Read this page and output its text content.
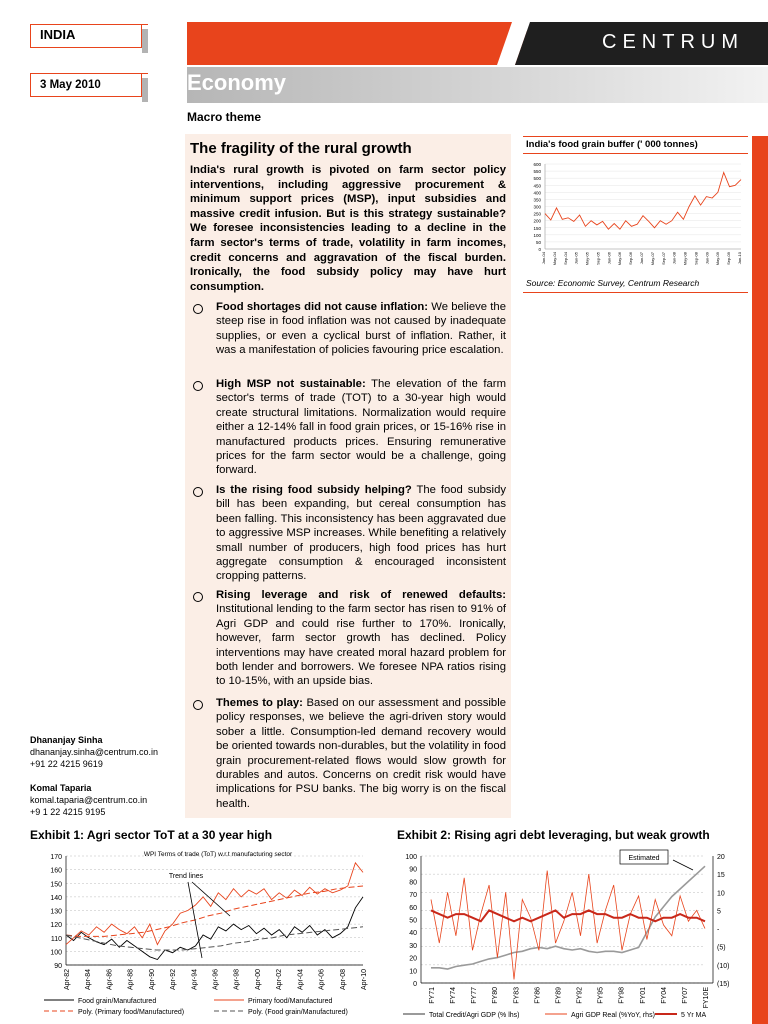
INDIA
3 May 2010
CENTRUM
Economy
Macro theme
The fragility of the rural growth
India's rural growth is pivoted on farm sector policy interventions, including aggressive procurement & minimum support prices (MSP), input subsidies and massive credit infusion. But is this strategy sustainable? We foresee inconsistencies leading to a decline in the farm sector's terms of trade, volatility in farm incomes, credit concerns and aggravation of the fiscal burden. Ironically, the food subsidy policy may have hurt consumption.
Food shortages did not cause inflation: We believe the steep rise in food inflation was not caused by inadequate supplies, or even a cyclical burst of inflation. Rather, it was a manifestation of policies favouring price escalation.
High MSP not sustainable: The elevation of the farm sector's terms of trade (TOT) to a 30-year high would create structural limitations. Normalization would require either a 12-14% fall in food grain prices, or 15-16% rise in manufactured products prices. Ensuring remunerative prices for the farm sector would be a challenge, going forward.
Is the rising food subsidy helping? The food subsidy bill has been expanding, but cereal consumption has been falling. This inconsistency has been aggravated due to aggressive MSP increases. While benefiting a relatively small number of producers, high food prices has hurt aggregate consumption & encouraged inconsistent cropping patterns.
Rising leverage and risk of renewed defaults: Institutional lending to the farm sector has risen to 91% of Agri GDP and could rise further to 170%. Ironically, however, farm sector growth has declined. Policy interventions may have created moral hazard problem for both lender and borrowers. We foresee NPA ratios rising to 10-15%, with an upside bias.
Themes to play: Based on our assessment and possible policy responses, we believe the agri-driven story would sober a little. Consumption-led demand recovery would be oriented towards non-durables, but the volatility in food grain procurement-related flows would slow growth for durables and autos. Concerns on credit risk would have implications for PSU banks. The big worry is on the fiscal health.
India's food grain buffer (' 000 tonnes)
600
550
500
450
400
350
300
250
200
150
100
50
0
Jan-04 May-04 Sep-04 Jan-05 May-05 Sep-05 Jan-06 May-06 Sep-06 Jan-07 May-07 Sep-07 Jan-08 May-08 Sep-08 Jan-09 May-09 Sep-09 Jan-10
Source: Economic Survey, Centrum Research
Dhananjay Sinha
dhananjay.sinha@centrum.co.in
+91 22 4215 9619
Komal Taparia
komal.taparia@centrum.co.in
+9 1 22 4215 9195
Exhibit 1: Agri sector ToT at a 30 year high	Exhibit 2: Rising agri debt leveraging, but weak growth
170
160
150
140
130
120
110
100
90
Apr-82 Apr-84 Apr-86 Apr-88 Apr-90 Apr-92 Apr-94 Apr-96 Apr-98 Apr-00 Apr-02 Apr-04 Apr-06 Apr-08 Apr-10
WPI Terms of trade (ToT) w.r.t manufacturing sector
Trend lines
Food grain/Manufactured	Primary food/Manufactured
Poly. (Primary food/Manufactured)	Poly. (Food grain/Manufactured)
100
90
80
70
60
50
40
30
20
10
0
20
15
10
5
-
(5)
(10)
(15)
FY71 FY74 FY77 FY80 FY83 FY86 FY89 FY92 FY95 FY98 FY01 FY04 FY07 FY10E
Estimated
Total Credit/Agri GDP (% lhs)	Agri GDP Real (%YoY, rhs)	5 Yr MA
